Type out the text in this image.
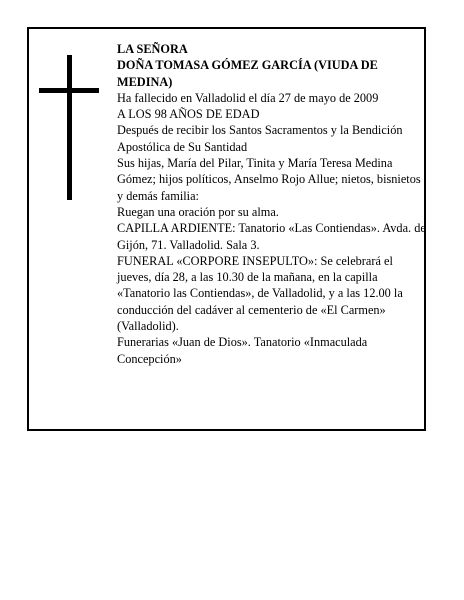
LA SEÑORA

DOÑA TOMASA GÓMEZ GARCÍA (VIUDA DE MEDINA)

Ha fallecido en Valladolid el día 27 de mayo de 2009

A LOS 98 AÑOS DE EDAD

Después de recibir los Santos Sacramentos y la Bendición Apostólica de Su Santidad

Sus hijas, María del Pilar, Tinita y María Teresa Medina Gómez; hijos políticos, Anselmo Rojo Allue; nietos, bisnietos y demás familia:

Ruegan una oración por su alma.

CAPILLA ARDIENTE: Tanatorio «Las Contiendas». Avda. de Gijón, 71. Valladolid. Sala 3.

FUNERAL «CORPORE INSEPULTO»: Se celebrará el jueves, día 28, a las 10.30 de la mañana, en la capilla «Tanatorio las Contiendas», de Valladolid, y a las 12.00 la conducción del cadáver al cementerio de «El Carmen» (Valladolid).

Funerarias «Juan de Dios». Tanatorio «Inmaculada Concepción»
